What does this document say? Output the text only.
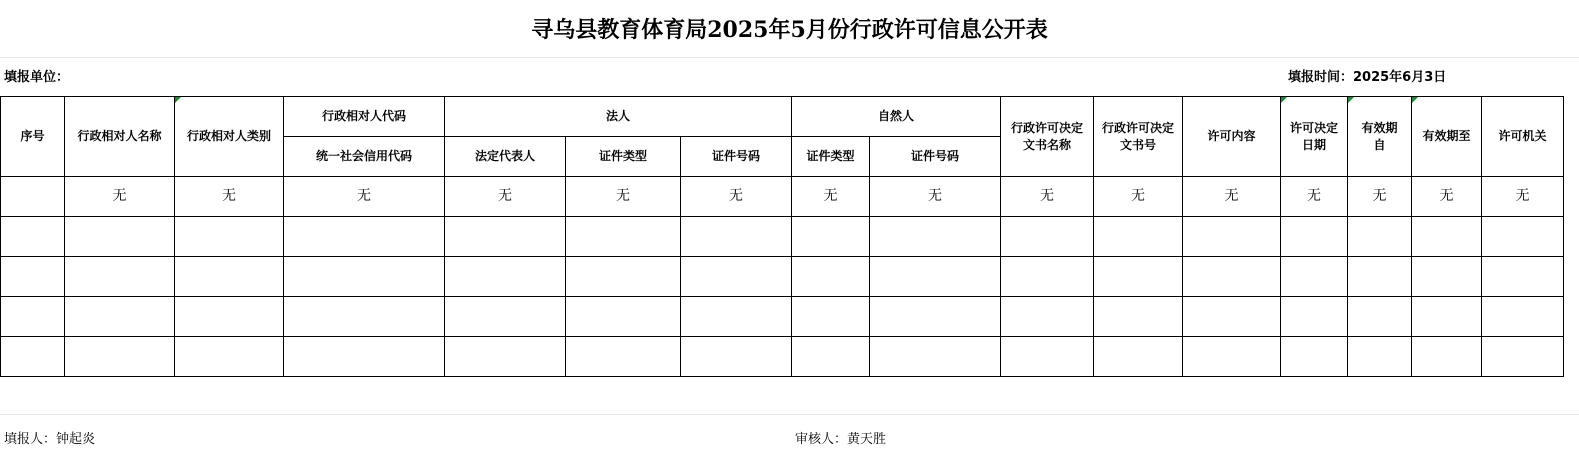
寻乌县教育体育局2025年5月份行政许可信息公开表
填报单位：	填报时间：2025年6月3日
序号	行政相对人名称	行政相对人类别	行政相对人代码	法人			自然人		行政许可决定文书名称	行政许可决定文书号	许可内容	许可决定日期	有效期自	有效期至	许可机关
			统一社会信用代码	法定代表人	证件类型	证件号码	证件类型	证件号码							
	无	无	无	无	无	无	无	无	无	无	无	无	无	无	无

填报人：钟起炎	审核人：黄天胜
